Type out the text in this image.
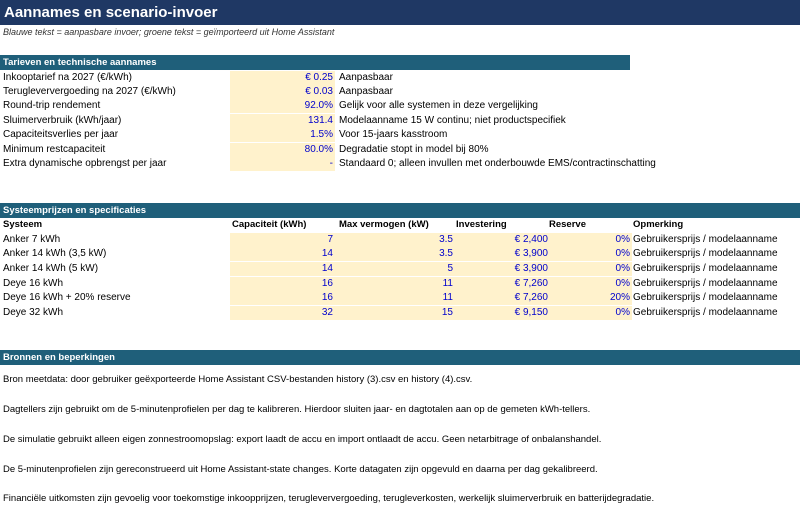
Aannames en scenario-invoer
Blauwe tekst = aanpasbare invoer; groene tekst = geïmporteerd uit Home Assistant
Tarieven en technische aannames
Inkooptarief na 2027 (€/kWh)	€ 0.25 Aanpasbaar
Terugleververgoeding na 2027 (€/kWh)	€ 0.03 Aanpasbaar
Round-trip rendement	92.0% Gelijk voor alle systemen in deze vergelijking
Sluimerverbruik (kWh/jaar)	131.4 Modelaanname 15 W continu; niet productspecifiek
Capaciteitsverlies per jaar	1.5% Voor 15-jaars kasstroom
Minimum restcapaciteit	80.0% Degradatie stopt in model bij 80%
Extra dynamische opbrengst per jaar	- Standaard 0; alleen invullen met onderbouwde EMS/contractinschatting
Systeemprijzen en specificaties
Systeem	Capaciteit (kWh)	Max vermogen (kW)	Investering	Reserve	Opmerking
Anker 7 kWh	7	3.5	€ 2,400	0% Gebruikersprijs / modelaanname
Anker 14 kWh (3,5 kW)	14	3.5	€ 3,900	0% Gebruikersprijs / modelaanname
Anker 14 kWh (5 kW)	14	5	€ 3,900	0% Gebruikersprijs / modelaanname
Deye 16 kWh	16	11	€ 7,260	0% Gebruikersprijs / modelaanname
Deye 16 kWh + 20% reserve	16	11	€ 7,260	20% Gebruikersprijs / modelaanname
Deye 32 kWh	32	15	€ 9,150	0% Gebruikersprijs / modelaanname
Bronnen en beperkingen
Bron meetdata: door gebruiker geëxporteerde Home Assistant CSV-bestanden history (3).csv en history (4).csv.
Dagtellers zijn gebruikt om de 5-minutenprofielen per dag te kalibreren. Hierdoor sluiten jaar- en dagtotalen aan op de gemeten kWh-tellers.
De simulatie gebruikt alleen eigen zonnestroomopslag: export laadt de accu en import ontlaadt de accu. Geen netarbitrage of onbalanshandel.
De 5-minutenprofielen zijn gereconstrueerd uit Home Assistant-state changes. Korte datagaten zijn opgevuld en daarna per dag gekalibreerd.
Financiële uitkomsten zijn gevoelig voor toekomstige inkoopprijzen, terugleververgoeding, terugleverkosten, werkelijk sluimerverbruik en batterijdegradatie.
